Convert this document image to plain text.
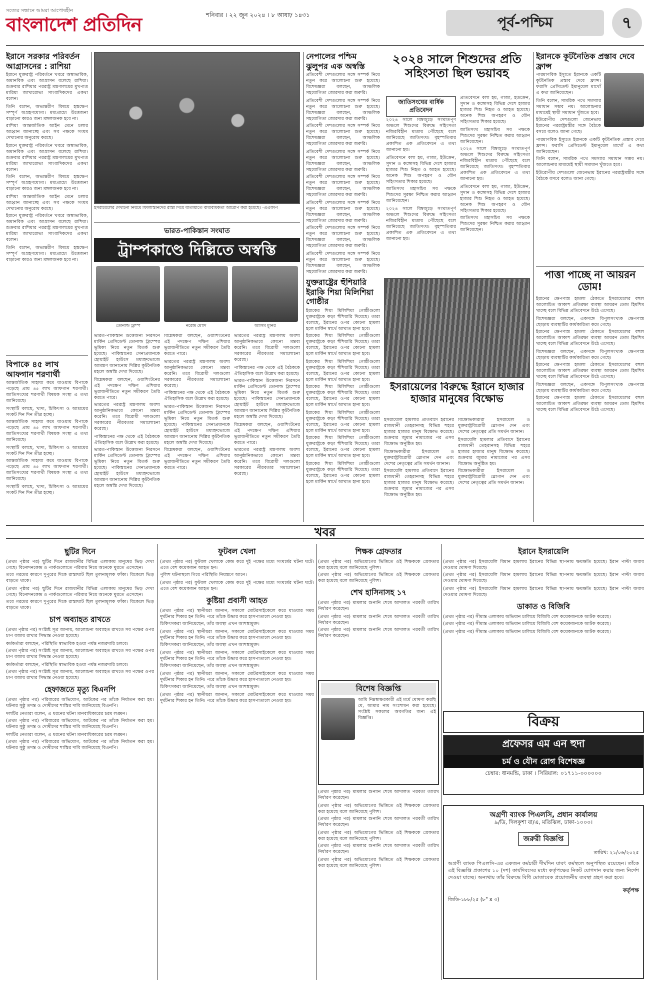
সত্যের সন্ধানে আমরা আপোষহীন
বাংলাদেশ প্রতিদিন	শনিবার । ২২ জুন ২০২৪ । ৮ আষাঢ় ১৪৩১	পূর্ব-পশ্চিম	৭
ইরানে সরকার পরিবর্তন আগ্রাসনের : রাশিয়া

ইরানে যুক্তরাষ্ট্র পরিবর্তনে খবরে অস্বাভাবিক, অমানবিক এবং আগ্রাসন বলেছে রাশিয়া। শুক্রবার রাশিয়ার পররাষ্ট্র মন্ত্রণালয়ের মুখপাত্র মারিয়া জাখারোভা সাংবাদিকদের একথা বলেন।

তিনি বলেন, অভ্যন্তরীণ বিষয়ে হস্তক্ষেপ সম্পূর্ণ অগ্রহণযোগ্য। মধ্যপ্রাচ্যে উত্তেজনা বাড়ানো কারও জন্য মঙ্গলজনক হবে না।

রাশিয়া আন্তর্জাতিক আইন মেনে চলার আহ্বান জানাচ্ছে এবং সব পক্ষকে সংযম দেখানোর অনুরোধ করছে।

ইরানে যুক্তরাষ্ট্র পরিবর্তনে খবরে অস্বাভাবিক, অমানবিক এবং আগ্রাসন বলেছে রাশিয়া। শুক্রবার রাশিয়ার পররাষ্ট্র মন্ত্রণালয়ের মুখপাত্র মারিয়া জাখারোভা সাংবাদিকদের একথা বলেন।

তিনি বলেন, অভ্যন্তরীণ বিষয়ে হস্তক্ষেপ সম্পূর্ণ অগ্রহণযোগ্য। মধ্যপ্রাচ্যে উত্তেজনা বাড়ানো কারও জন্য মঙ্গলজনক হবে না।

রাশিয়া আন্তর্জাতিক আইন মেনে চলার আহ্বান জানাচ্ছে এবং সব পক্ষকে সংযম দেখানোর অনুরোধ করছে।

ইরানে যুক্তরাষ্ট্র পরিবর্তনে খবরে অস্বাভাবিক, অমানবিক এবং আগ্রাসন বলেছে রাশিয়া। শুক্রবার রাশিয়ার পররাষ্ট্র মন্ত্রণালয়ের মুখপাত্র মারিয়া জাখারোভা সাংবাদিকদের একথা বলেন।

তিনি বলেন, অভ্যন্তরীণ বিষয়ে হস্তক্ষেপ সম্পূর্ণ অগ্রহণযোগ্য। মধ্যপ্রাচ্যে উত্তেজনা বাড়ানো কারও জন্য মঙ্গলজনক হবে না।

বিপাকে ৪৫ লাখ আফগান শরণার্থী

আন্তর্জাতিক সাহায্য কমে যাওয়ায় বিপাকে পড়েছে প্রায় ৪৫ লাখ আফগান শরণার্থী। জাতিসংঘের শরণার্থী বিষয়ক সংস্থা এ তথ্য জানিয়েছে।

সংস্থাটি বলছে, খাদ্য, চিকিৎসা ও আশ্রয়ের সংকট দিন দিন তীব্র হচ্ছে।

আন্তর্জাতিক সাহায্য কমে যাওয়ায় বিপাকে পড়েছে প্রায় ৪৫ লাখ আফগান শরণার্থী। জাতিসংঘের শরণার্থী বিষয়ক সংস্থা এ তথ্য জানিয়েছে।

সংস্থাটি বলছে, খাদ্য, চিকিৎসা ও আশ্রয়ের সংকট দিন দিন তীব্র হচ্ছে।

আন্তর্জাতিক সাহায্য কমে যাওয়ায় বিপাকে পড়েছে প্রায় ৪৫ লাখ আফগান শরণার্থী। জাতিসংঘের শরণার্থী বিষয়ক সংস্থা এ তথ্য জানিয়েছে।

সংস্থাটি বলছে, খাদ্য, চিকিৎসা ও আশ্রয়ের সংকট দিন দিন তীব্র হচ্ছে।

ইসরায়েলের দেখানো নিয়মে ফিলিস্তিনিদের রাস্তা দিয়ে যাতায়াতে বাধ্যবাধকতা আরোপ করা হয়েছে। -এএফপি
ভারত-পাকিস্তান সংঘাত
ট্রাম্পকাণ্ডে দিল্লিতে অস্বস্তি
ডোনাল্ড ট্রাম্প	নরেন্দ্র মোদি	আসিম মুনির

ভারত-পাকিস্তান উত্তেজনা নিরসনে মার্কিন প্রেসিডেন্ট ডোনাল্ড ট্রাম্পের ভূমিকা নিয়ে নতুন বিতর্ক শুরু হয়েছে। পাকিস্তানের সেনাপ্রধানকে হোয়াইট হাউসে মধ্যাহ্নভোজে আমন্ত্রণ জানানোয় দিল্লির কূটনৈতিক মহলে অস্বস্তি দেখা দিয়েছে।

বিশ্লেষকরা বলছেন, ওয়াশিংটনের এই পদক্ষেপ দক্ষিণ এশিয়ার ভূরাজনীতিতে নতুন সমীকরণ তৈরি করতে পারে।

ভারতের পররাষ্ট্র মন্ত্রণালয় অবশ্য আনুষ্ঠানিকভাবে কোনো মন্তব্য করেনি। তবে বিরোধী দলগুলো সরকারের নীরবতার সমালোচনা করেছে।

পাকিস্তানের পক্ষ থেকে এই বৈঠককে ঐতিহাসিক বলে উল্লেখ করা হয়েছে।

ভারত-পাকিস্তান উত্তেজনা নিরসনে মার্কিন প্রেসিডেন্ট ডোনাল্ড ট্রাম্পের ভূমিকা নিয়ে নতুন বিতর্ক শুরু হয়েছে। পাকিস্তানের সেনাপ্রধানকে হোয়াইট হাউসে মধ্যাহ্নভোজে আমন্ত্রণ জানানোয় দিল্লির কূটনৈতিক মহলে অস্বস্তি দেখা দিয়েছে।

বিশ্লেষকরা বলছেন, ওয়াশিংটনের এই পদক্ষেপ দক্ষিণ এশিয়ার ভূরাজনীতিতে নতুন সমীকরণ তৈরি করতে পারে।

ভারতের পররাষ্ট্র মন্ত্রণালয় অবশ্য আনুষ্ঠানিকভাবে কোনো মন্তব্য করেনি। তবে বিরোধী দলগুলো সরকারের নীরবতার সমালোচনা করেছে।

পাকিস্তানের পক্ষ থেকে এই বৈঠককে ঐতিহাসিক বলে উল্লেখ করা হয়েছে।

ভারত-পাকিস্তান উত্তেজনা নিরসনে মার্কিন প্রেসিডেন্ট ডোনাল্ড ট্রাম্পের ভূমিকা নিয়ে নতুন বিতর্ক শুরু হয়েছে। পাকিস্তানের সেনাপ্রধানকে হোয়াইট হাউসে মধ্যাহ্নভোজে আমন্ত্রণ জানানোয় দিল্লির কূটনৈতিক মহলে অস্বস্তি দেখা দিয়েছে।

বিশ্লেষকরা বলছেন, ওয়াশিংটনের এই পদক্ষেপ দক্ষিণ এশিয়ার ভূরাজনীতিতে নতুন সমীকরণ তৈরি করতে পারে।

ভারতের পররাষ্ট্র মন্ত্রণালয় অবশ্য আনুষ্ঠানিকভাবে কোনো মন্তব্য করেনি। তবে বিরোধী দলগুলো সরকারের নীরবতার সমালোচনা করেছে।

পাকিস্তানের পক্ষ থেকে এই বৈঠককে ঐতিহাসিক বলে উল্লেখ করা হয়েছে।

ভারত-পাকিস্তান উত্তেজনা নিরসনে মার্কিন প্রেসিডেন্ট ডোনাল্ড ট্রাম্পের ভূমিকা নিয়ে নতুন বিতর্ক শুরু হয়েছে। পাকিস্তানের সেনাপ্রধানকে হোয়াইট হাউসে মধ্যাহ্নভোজে আমন্ত্রণ জানানোয় দিল্লির কূটনৈতিক মহলে অস্বস্তি দেখা দিয়েছে।

বিশ্লেষকরা বলছেন, ওয়াশিংটনের এই পদক্ষেপ দক্ষিণ এশিয়ার ভূরাজনীতিতে নতুন সমীকরণ তৈরি করতে পারে।

ভারতের পররাষ্ট্র মন্ত্রণালয় অবশ্য আনুষ্ঠানিকভাবে কোনো মন্তব্য করেনি। তবে বিরোধী দলগুলো সরকারের নীরবতার সমালোচনা করেছে।

নেপালের পশ্চিম ঝুলুপর এক অস্বস্তি

প্রতিবেশী দেশগুলোর সঙ্গে সম্পর্ক নিয়ে নতুন করে আলোচনা শুরু হয়েছে। বিশেষজ্ঞরা বলছেন, আঞ্চলিক সহযোগিতা জোরদার করা জরুরি।

প্রতিবেশী দেশগুলোর সঙ্গে সম্পর্ক নিয়ে নতুন করে আলোচনা শুরু হয়েছে। বিশেষজ্ঞরা বলছেন, আঞ্চলিক সহযোগিতা জোরদার করা জরুরি।

প্রতিবেশী দেশগুলোর সঙ্গে সম্পর্ক নিয়ে নতুন করে আলোচনা শুরু হয়েছে। বিশেষজ্ঞরা বলছেন, আঞ্চলিক সহযোগিতা জোরদার করা জরুরি।

প্রতিবেশী দেশগুলোর সঙ্গে সম্পর্ক নিয়ে নতুন করে আলোচনা শুরু হয়েছে। বিশেষজ্ঞরা বলছেন, আঞ্চলিক সহযোগিতা জোরদার করা জরুরি।

প্রতিবেশী দেশগুলোর সঙ্গে সম্পর্ক নিয়ে নতুন করে আলোচনা শুরু হয়েছে। বিশেষজ্ঞরা বলছেন, আঞ্চলিক সহযোগিতা জোরদার করা জরুরি।

প্রতিবেশী দেশগুলোর সঙ্গে সম্পর্ক নিয়ে নতুন করে আলোচনা শুরু হয়েছে। বিশেষজ্ঞরা বলছেন, আঞ্চলিক সহযোগিতা জোরদার করা জরুরি।

প্রতিবেশী দেশগুলোর সঙ্গে সম্পর্ক নিয়ে নতুন করে আলোচনা শুরু হয়েছে। বিশেষজ্ঞরা বলছেন, আঞ্চলিক সহযোগিতা জোরদার করা জরুরি।

প্রতিবেশী দেশগুলোর সঙ্গে সম্পর্ক নিয়ে নতুন করে আলোচনা শুরু হয়েছে। বিশেষজ্ঞরা বলছেন, আঞ্চলিক সহযোগিতা জোরদার করা জরুরি।

২০২৪ সালে শিশুদের প্রতি সহিংসতা ছিল ভয়াবহ
জাতিসংঘের বার্ষিক প্রতিবেদন

২০২৪ সালে বিশ্বজুড়ে সংঘাতপূর্ণ অঞ্চলে শিশুদের বিরুদ্ধে সহিংসতা নজিরবিহীন মাত্রায় পৌঁছেছে বলে জানিয়েছে জাতিসংঘ। বৃহস্পতিবার প্রকাশিত এক প্রতিবেদনে এ তথ্য জানানো হয়।

প্রতিবেদনে বলা হয়, গাজা, ইউক্রেন, সুদান ও কঙ্গোসহ বিভিন্ন দেশে হাজার হাজার শিশু নিহত ও আহত হয়েছে। অনেক শিশু অপহরণ ও যৌন সহিংসতার শিকার হয়েছে।

জাতিসংঘ মহাসচিব সব পক্ষকে শিশুদের সুরক্ষা নিশ্চিত করার আহ্বান জানিয়েছেন।

২০২৪ সালে বিশ্বজুড়ে সংঘাতপূর্ণ অঞ্চলে শিশুদের বিরুদ্ধে সহিংসতা নজিরবিহীন মাত্রায় পৌঁছেছে বলে জানিয়েছে জাতিসংঘ। বৃহস্পতিবার প্রকাশিত এক প্রতিবেদনে এ তথ্য জানানো হয়।

প্রতিবেদনে বলা হয়, গাজা, ইউক্রেন, সুদান ও কঙ্গোসহ বিভিন্ন দেশে হাজার হাজার শিশু নিহত ও আহত হয়েছে। অনেক শিশু অপহরণ ও যৌন সহিংসতার শিকার হয়েছে।

জাতিসংঘ মহাসচিব সব পক্ষকে শিশুদের সুরক্ষা নিশ্চিত করার আহ্বান জানিয়েছেন।

২০২৪ সালে বিশ্বজুড়ে সংঘাতপূর্ণ অঞ্চলে শিশুদের বিরুদ্ধে সহিংসতা নজিরবিহীন মাত্রায় পৌঁছেছে বলে জানিয়েছে জাতিসংঘ। বৃহস্পতিবার প্রকাশিত এক প্রতিবেদনে এ তথ্য জানানো হয়।

প্রতিবেদনে বলা হয়, গাজা, ইউক্রেন, সুদান ও কঙ্গোসহ বিভিন্ন দেশে হাজার হাজার শিশু নিহত ও আহত হয়েছে। অনেক শিশু অপহরণ ও যৌন সহিংসতার শিকার হয়েছে।

জাতিসংঘ মহাসচিব সব পক্ষকে শিশুদের সুরক্ষা নিশ্চিত করার আহ্বান জানিয়েছেন।

যুক্তরাষ্ট্রের হুঁশিয়ারি ইরাকি শিয়া মিলিশিয়া গোষ্ঠীর

ইরাকের শিয়া মিলিশিয়া গোষ্ঠীগুলো যুক্তরাষ্ট্রকে কড়া হুঁশিয়ারি দিয়েছে। তারা বলেছে, ইরানের ওপর কোনো হামলা হলে মার্কিন স্বার্থে আঘাত হানা হবে।

ইরাকের শিয়া মিলিশিয়া গোষ্ঠীগুলো যুক্তরাষ্ট্রকে কড়া হুঁশিয়ারি দিয়েছে। তারা বলেছে, ইরানের ওপর কোনো হামলা হলে মার্কিন স্বার্থে আঘাত হানা হবে।

ইরাকের শিয়া মিলিশিয়া গোষ্ঠীগুলো যুক্তরাষ্ট্রকে কড়া হুঁশিয়ারি দিয়েছে। তারা বলেছে, ইরানের ওপর কোনো হামলা হলে মার্কিন স্বার্থে আঘাত হানা হবে।

ইরাকের শিয়া মিলিশিয়া গোষ্ঠীগুলো যুক্তরাষ্ট্রকে কড়া হুঁশিয়ারি দিয়েছে। তারা বলেছে, ইরানের ওপর কোনো হামলা হলে মার্কিন স্বার্থে আঘাত হানা হবে।

ইরাকের শিয়া মিলিশিয়া গোষ্ঠীগুলো যুক্তরাষ্ট্রকে কড়া হুঁশিয়ারি দিয়েছে। তারা বলেছে, ইরানের ওপর কোনো হামলা হলে মার্কিন স্বার্থে আঘাত হানা হবে।

ইরাকের শিয়া মিলিশিয়া গোষ্ঠীগুলো যুক্তরাষ্ট্রকে কড়া হুঁশিয়ারি দিয়েছে। তারা বলেছে, ইরানের ওপর কোনো হামলা হলে মার্কিন স্বার্থে আঘাত হানা হবে।

ইরাকের শিয়া মিলিশিয়া গোষ্ঠীগুলো যুক্তরাষ্ট্রকে কড়া হুঁশিয়ারি দিয়েছে। তারা বলেছে, ইরানের ওপর কোনো হামলা হলে মার্কিন স্বার্থে আঘাত হানা হবে।

ইসরায়েলের বিরুদ্ধে ইরানে হাজার হাজার মানুষের বিক্ষোভ

ইসরায়েলি হামলার প্রতিবাদে ইরানের রাজধানী তেহরানসহ বিভিন্ন শহরে হাজার হাজার মানুষ বিক্ষোভ করেছে। শুক্রবার জুমার নামাজের পর এসব বিক্ষোভ অনুষ্ঠিত হয়।

বিক্ষোভকারীরা ইসরায়েল ও যুক্তরাষ্ট্রবিরোধী স্লোগান দেন এবং দেশের নেতৃত্বের প্রতি সমর্থন জানান।

ইসরায়েলি হামলার প্রতিবাদে ইরানের রাজধানী তেহরানসহ বিভিন্ন শহরে হাজার হাজার মানুষ বিক্ষোভ করেছে। শুক্রবার জুমার নামাজের পর এসব বিক্ষোভ অনুষ্ঠিত হয়।

বিক্ষোভকারীরা ইসরায়েল ও যুক্তরাষ্ট্রবিরোধী স্লোগান দেন এবং দেশের নেতৃত্বের প্রতি সমর্থন জানান।

ইসরায়েলি হামলার প্রতিবাদে ইরানের রাজধানী তেহরানসহ বিভিন্ন শহরে হাজার হাজার মানুষ বিক্ষোভ করেছে। শুক্রবার জুমার নামাজের পর এসব বিক্ষোভ অনুষ্ঠিত হয়।

বিক্ষোভকারীরা ইসরায়েল ও যুক্তরাষ্ট্রবিরোধী স্লোগান দেন এবং দেশের নেতৃত্বের প্রতি সমর্থন জানান।

ইরানকে কূটনৈতিক প্রস্তাব দেবে ফ্রান্স

পারমাণবিক ইস্যুতে ইরানকে একটি কূটনৈতিক প্রস্তাব দেবে ফ্রান্স। ফরাসি প্রেসিডেন্ট ইমানুয়েল মাখোঁ এ কথা জানিয়েছেন।

তিনি বলেন, সামরিক পথে সমস্যার সমাধান সম্ভব নয়। আলোচনার মাধ্যমেই স্থায়ী সমাধান খুঁজতে হবে।

ইউরোপীয় দেশগুলো জেনেভায় ইরানের পররাষ্ট্রমন্ত্রীর সঙ্গে বৈঠকে বসবে বলেও জানা গেছে।

পারমাণবিক ইস্যুতে ইরানকে একটি কূটনৈতিক প্রস্তাব দেবে ফ্রান্স। ফরাসি প্রেসিডেন্ট ইমানুয়েল মাখোঁ এ কথা জানিয়েছেন।

তিনি বলেন, সামরিক পথে সমস্যার সমাধান সম্ভব নয়। আলোচনার মাধ্যমেই স্থায়ী সমাধান খুঁজতে হবে।

ইউরোপীয় দেশগুলো জেনেভায় ইরানের পররাষ্ট্রমন্ত্রীর সঙ্গে বৈঠকে বসবে বলেও জানা গেছে।

পাত্তা পাচ্ছে না আয়রন ডোম!

ইরানের ক্ষেপণাস্ত্র হামলা ঠেকাতে ইসরায়েলের বহুল আলোচিত আকাশ প্রতিরক্ষা ব্যবস্থা আয়রন ডোম হিমশিম খাচ্ছে বলে বিভিন্ন প্রতিবেদনে উঠে এসেছে।

বিশেষজ্ঞরা বলছেন, একসঙ্গে বিপুলসংখ্যক ক্ষেপণাস্ত্র ছোড়ায় ব্যবস্থাটির কার্যকারিতা কমে গেছে।

ইরানের ক্ষেপণাস্ত্র হামলা ঠেকাতে ইসরায়েলের বহুল আলোচিত আকাশ প্রতিরক্ষা ব্যবস্থা আয়রন ডোম হিমশিম খাচ্ছে বলে বিভিন্ন প্রতিবেদনে উঠে এসেছে।

বিশেষজ্ঞরা বলছেন, একসঙ্গে বিপুলসংখ্যক ক্ষেপণাস্ত্র ছোড়ায় ব্যবস্থাটির কার্যকারিতা কমে গেছে।

ইরানের ক্ষেপণাস্ত্র হামলা ঠেকাতে ইসরায়েলের বহুল আলোচিত আকাশ প্রতিরক্ষা ব্যবস্থা আয়রন ডোম হিমশিম খাচ্ছে বলে বিভিন্ন প্রতিবেদনে উঠে এসেছে।

বিশেষজ্ঞরা বলছেন, একসঙ্গে বিপুলসংখ্যক ক্ষেপণাস্ত্র ছোড়ায় ব্যবস্থাটির কার্যকারিতা কমে গেছে।

ইরানের ক্ষেপণাস্ত্র হামলা ঠেকাতে ইসরায়েলের বহুল আলোচিত আকাশ প্রতিরক্ষা ব্যবস্থা আয়রন ডোম হিমশিম খাচ্ছে বলে বিভিন্ন প্রতিবেদনে উঠে এসেছে।

খবর
ছুটির দিনে

(প্রথম পৃষ্ঠার পর) ছুটির দিনে রাজধানীর বিভিন্ন এলাকায় মানুষের ভিড় দেখা গেছে। বিনোদনকেন্দ্র ও পার্কগুলোতে পরিবার নিয়ে অনেকে ঘুরতে এসেছেন।

তবে গরমের কারণে দুপুরের দিকে রাস্তাঘাট ছিল তুলনামূলক ফাঁকা। বিকেলে ভিড় বাড়তে থাকে।

(প্রথম পৃষ্ঠার পর) ছুটির দিনে রাজধানীর বিভিন্ন এলাকায় মানুষের ভিড় দেখা গেছে। বিনোদনকেন্দ্র ও পার্কগুলোতে পরিবার নিয়ে অনেকে ঘুরতে এসেছেন।

তবে গরমের কারণে দুপুরের দিকে রাস্তাঘাট ছিল তুলনামূলক ফাঁকা। বিকেলে ভিড় বাড়তে থাকে।

চাপ অব্যাহত রাখতে

(প্রথম পৃষ্ঠার পর) সংশ্লিষ্ট সূত্র জানায়, আলোচনা অব্যাহত রাখতে সব পক্ষের ওপর চাপ বজায় রাখার সিদ্ধান্ত নেওয়া হয়েছে।

কর্মকর্তারা বলছেন, পরিস্থিতি স্বাভাবিক হওয়া পর্যন্ত নজরদারি চলবে।

(প্রথম পৃষ্ঠার পর) সংশ্লিষ্ট সূত্র জানায়, আলোচনা অব্যাহত রাখতে সব পক্ষের ওপর চাপ বজায় রাখার সিদ্ধান্ত নেওয়া হয়েছে।

কর্মকর্তারা বলছেন, পরিস্থিতি স্বাভাবিক হওয়া পর্যন্ত নজরদারি চলবে।

(প্রথম পৃষ্ঠার পর) সংশ্লিষ্ট সূত্র জানায়, আলোচনা অব্যাহত রাখতে সব পক্ষের ওপর চাপ বজায় রাখার সিদ্ধান্ত নেওয়া হয়েছে।

হেফাজতে মৃত্যু বিএনপি

(প্রথম পৃষ্ঠার পর) পরিবারের অভিযোগ, আটকের পর তাঁকে নির্যাতন করা হয়। ঘটনার সুষ্ঠু তদন্ত ও দোষীদের শাস্তির দাবি জানিয়েছে বিএনপি।

দলটির নেতারা বলেন, এ ধরনের ঘটনা মানবাধিকারের চরম লঙ্ঘন।

(প্রথম পৃষ্ঠার পর) পরিবারের অভিযোগ, আটকের পর তাঁকে নির্যাতন করা হয়। ঘটনার সুষ্ঠু তদন্ত ও দোষীদের শাস্তির দাবি জানিয়েছে বিএনপি।

দলটির নেতারা বলেন, এ ধরনের ঘটনা মানবাধিকারের চরম লঙ্ঘন।

(প্রথম পৃষ্ঠার পর) পরিবারের অভিযোগ, আটকের পর তাঁকে নির্যাতন করা হয়। ঘটনার সুষ্ঠু তদন্ত ও দোষীদের শাস্তির দাবি জানিয়েছে বিএনপি।

ফুটবল খেলা

(প্রথম পৃষ্ঠার পর) ফুটবল খেলাকে কেন্দ্র করে দুই পক্ষের মধ্যে সংঘর্ষের ঘটনা ঘটে। এতে বেশ কয়েকজন আহত হন।

পুলিশ ঘটনাস্থলে গিয়ে পরিস্থিতি নিয়ন্ত্রণে আনে।

(প্রথম পৃষ্ঠার পর) ফুটবল খেলাকে কেন্দ্র করে দুই পক্ষের মধ্যে সংঘর্ষের ঘটনা ঘটে। এতে বেশ কয়েকজন আহত হন।

কুষ্টিয়া প্রবাসী আহত

(প্রথম পৃষ্ঠার পর) স্থানীয়রা জানান, সকালে মোটরসাইকেলে করে যাওয়ার সময় দুর্ঘটনার শিকার হন তিনি। পরে তাঁকে উদ্ধার করে হাসপাতালে নেওয়া হয়।

চিকিৎসকরা জানিয়েছেন, তাঁর অবস্থা এখন আশঙ্কামুক্ত।

(প্রথম পৃষ্ঠার পর) স্থানীয়রা জানান, সকালে মোটরসাইকেলে করে যাওয়ার সময় দুর্ঘটনার শিকার হন তিনি। পরে তাঁকে উদ্ধার করে হাসপাতালে নেওয়া হয়।

চিকিৎসকরা জানিয়েছেন, তাঁর অবস্থা এখন আশঙ্কামুক্ত।

(প্রথম পৃষ্ঠার পর) স্থানীয়রা জানান, সকালে মোটরসাইকেলে করে যাওয়ার সময় দুর্ঘটনার শিকার হন তিনি। পরে তাঁকে উদ্ধার করে হাসপাতালে নেওয়া হয়।

চিকিৎসকরা জানিয়েছেন, তাঁর অবস্থা এখন আশঙ্কামুক্ত।

(প্রথম পৃষ্ঠার পর) স্থানীয়রা জানান, সকালে মোটরসাইকেলে করে যাওয়ার সময় দুর্ঘটনার শিকার হন তিনি। পরে তাঁকে উদ্ধার করে হাসপাতালে নেওয়া হয়।

চিকিৎসকরা জানিয়েছেন, তাঁর অবস্থা এখন আশঙ্কামুক্ত।

(প্রথম পৃষ্ঠার পর) স্থানীয়রা জানান, সকালে মোটরসাইকেলে করে যাওয়ার সময় দুর্ঘটনার শিকার হন তিনি। পরে তাঁকে উদ্ধার করে হাসপাতালে নেওয়া হয়।

শিক্ষক গ্রেফতার

(প্রথম পৃষ্ঠার পর) অভিযোগের ভিত্তিতে ওই শিক্ষককে গ্রেফতার করা হয়েছে বলে জানিয়েছে পুলিশ।

(প্রথম পৃষ্ঠার পর) অভিযোগের ভিত্তিতে ওই শিক্ষককে গ্রেফতার করা হয়েছে বলে জানিয়েছে পুলিশ।

শেখ হাসিনাসহ ১৭

(প্রথম পৃষ্ঠার পর) মামলার শুনানি শেষে আদালত পরবর্তী তারিখ নির্ধারণ করেছেন।

(প্রথম পৃষ্ঠার পর) মামলার শুনানি শেষে আদালত পরবর্তী তারিখ নির্ধারণ করেছেন।

(প্রথম পৃষ্ঠার পর) মামলার শুনানি শেষে আদালত পরবর্তী তারিখ নির্ধারণ করেছেন।

বিশেষ বিজ্ঞপ্তি

আমি নিম্নস্বাক্ষরকারী এই মর্মে ঘোষণা করছি যে, আমার নাম সংশোধন করা হয়েছে। সংশ্লিষ্ট সকলের অবগতির জন্য এই বিজ্ঞপ্তি।

(প্রথম পৃষ্ঠার পর) মামলার শুনানি শেষে আদালত পরবর্তী তারিখ নির্ধারণ করেছেন।

(প্রথম পৃষ্ঠার পর) অভিযোগের ভিত্তিতে ওই শিক্ষককে গ্রেফতার করা হয়েছে বলে জানিয়েছে পুলিশ।

(প্রথম পৃষ্ঠার পর) মামলার শুনানি শেষে আদালত পরবর্তী তারিখ নির্ধারণ করেছেন।

(প্রথম পৃষ্ঠার পর) অভিযোগের ভিত্তিতে ওই শিক্ষককে গ্রেফতার করা হয়েছে বলে জানিয়েছে পুলিশ।

(প্রথম পৃষ্ঠার পর) মামলার শুনানি শেষে আদালত পরবর্তী তারিখ নির্ধারণ করেছেন।

(প্রথম পৃষ্ঠার পর) অভিযোগের ভিত্তিতে ওই শিক্ষককে গ্রেফতার করা হয়েছে বলে জানিয়েছে পুলিশ।

ইরানে ইসরায়েলি

(প্রথম পৃষ্ঠার পর) ইসরায়েলি বিমান হামলায় ইরানের বিভিন্ন স্থাপনায় ক্ষয়ক্ষতি হয়েছে। ইরান পাল্টা জবাব দেওয়ার ঘোষণা দিয়েছে।

(প্রথম পৃষ্ঠার পর) ইসরায়েলি বিমান হামলায় ইরানের বিভিন্ন স্থাপনায় ক্ষয়ক্ষতি হয়েছে। ইরান পাল্টা জবাব দেওয়ার ঘোষণা দিয়েছে।

(প্রথম পৃষ্ঠার পর) ইসরায়েলি বিমান হামলায় ইরানের বিভিন্ন স্থাপনায় ক্ষয়ক্ষতি হয়েছে। ইরান পাল্টা জবাব দেওয়ার ঘোষণা দিয়েছে।

ডাকাত ও বিজিবি

(প্রথম পৃষ্ঠার পর) সীমান্ত এলাকায় অভিযান চালিয়ে বিজিবি বেশ কয়েকজনকে আটক করেছে।

(প্রথম পৃষ্ঠার পর) সীমান্ত এলাকায় অভিযান চালিয়ে বিজিবি বেশ কয়েকজনকে আটক করেছে।

(প্রথম পৃষ্ঠার পর) সীমান্ত এলাকায় অভিযান চালিয়ে বিজিবি বেশ কয়েকজনকে আটক করেছে।

বিক্রয়
প্রফেসর এম এন হুদা
চর্ম ও যৌন রোগ বিশেষজ্ঞ
চেম্বার: ধানমন্ডি, ঢাকা । সিরিয়াল: ০১৭১১-০০০০০০
অগ্রণী ব্যাংক পিএলসি, প্রধান কার্যালয়
৯/ডি, দিলকুশা বা/এ, মতিঝিল, ঢাকা-১০০০।
জরুরী বিজ্ঞপ্তি
তারিখ: ২১/০৬/২০২৫

অগ্রণী ব্যাংক পিএলসি-এর একজন কর্মচারী দীর্ঘদিন যাবৎ কর্মস্থলে অনুপস্থিত রয়েছেন। তাঁকে এই বিজ্ঞপ্তি প্রকাশের ১০ (দশ) কার্যদিবসের মধ্যে কর্তৃপক্ষের নিকট যোগদান করার জন্য নির্দেশ দেওয়া যাচ্ছে। অন্যথায় তাঁর বিরুদ্ধে বিধি মোতাবেক প্রয়োজনীয় ব্যবস্থা গ্রহণ করা হবে।

কর্তৃপক্ষ
জিডি-১৮৮/২৫ (৮" x ৩)
